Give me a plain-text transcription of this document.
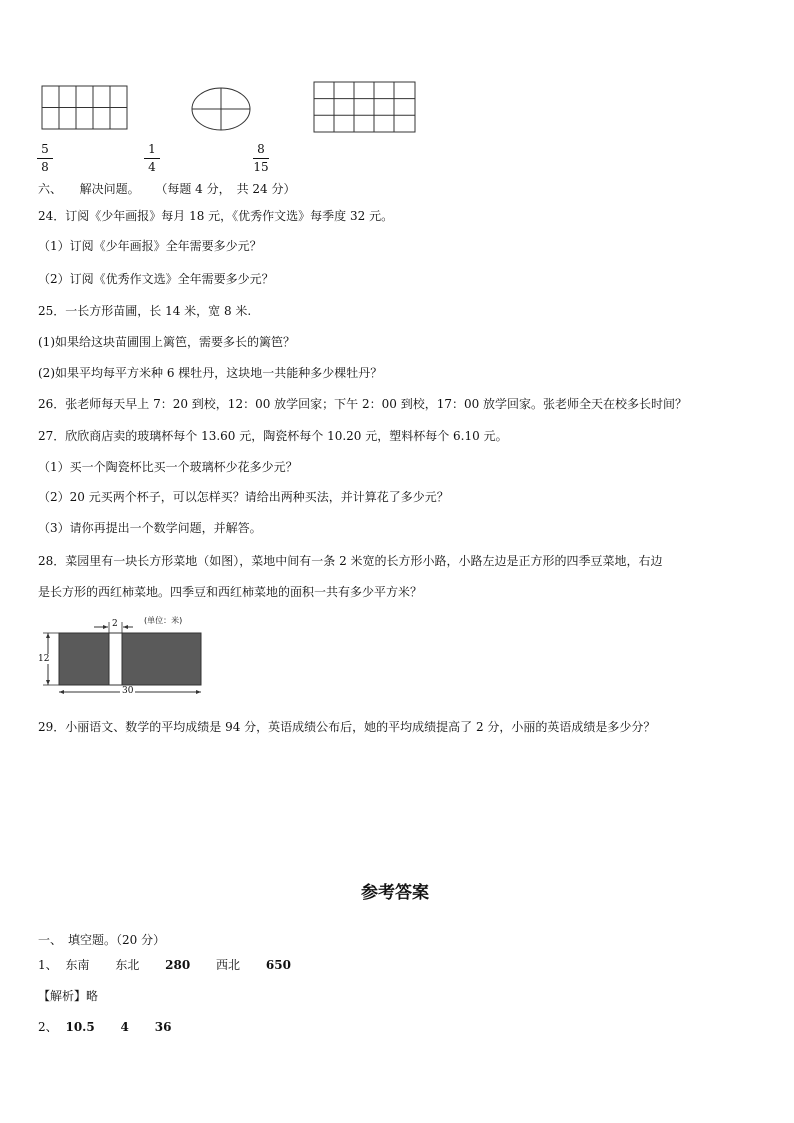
5
8
1
4
8
15
六、 解决问题。 （每题 4 分，　共 24 分）
24．订阅《少年画报》每月 18 元，《优秀作文选》每季度 32 元。
（1）订阅《少年画报》全年需要多少元？
（2）订阅《优秀作文选》全年需要多少元？
25．一长方形苗圃，长 14 米，宽 8 米.
(1)如果给这块苗圃围上篱笆，需要多长的篱笆？
(2)如果平均每平方米种 6 棵牡丹，这块地一共能种多少棵牡丹？
26．张老师每天早上 7：20 到校，12：00 放学回家；下午 2：00 到校，17：00 放学回家。张老师全天在校多长时间？
27．欣欣商店卖的玻璃杯每个 13.60 元，陶瓷杯每个 10.20 元，塑料杯每个 6.10 元。
（1）买一个陶瓷杯比买一个玻璃杯少花多少元？
（2）20 元买两个杯子，可以怎样买？请给出两种买法，并计算花了多少元？
（3）请你再提出一个数学问题，并解答。
28．菜园里有一块长方形菜地（如图），菜地中间有一条 2 米宽的长方形小路，小路左边是正方形的四季豆菜地，右边
是长方形的西红柿菜地。四季豆和西红柿菜地的面积一共有多少平方米？
2	(单位：米)
12
30
29．小丽语文、数学的平均成绩是 94 分，英语成绩公布后，她的平均成绩提高了 2 分，小丽的英语成绩是多少分？
参考答案
一、　填空题。（20 分）
1、 东南 东北 280 西北 650
【解析】略
2、 10.5 4 36
